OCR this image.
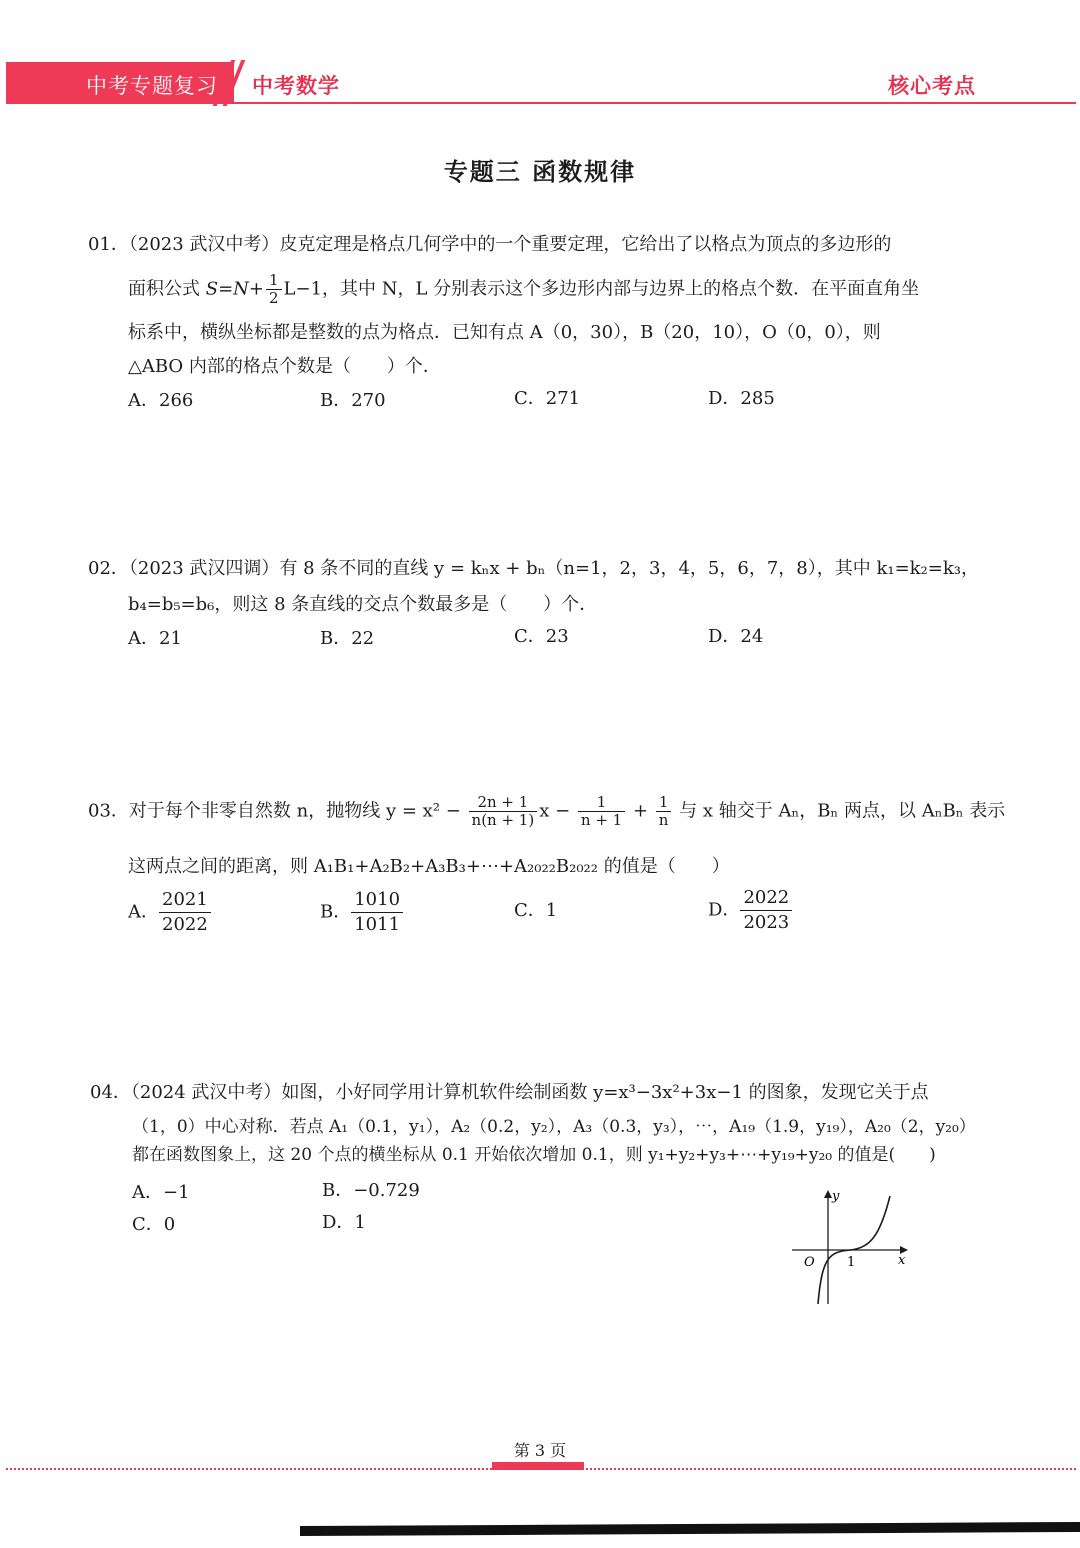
中考专题复习 中考数学	核心考点
专题三 函数规律
01．（2023 武汉中考）皮克定理是格点几何学中的一个重要定理，它给出了以格点为顶点的多边形的
面积公式 $S=N+ \frac{1}{2} L-1$，其中 N，L 分别表示这个多边形内部与边界上的格点个数．在平面直角坐
标系中，横纵坐标都是整数的点为格点．已知有点 A（0，30），B（20，10），O（0，0），则
△ABO 内部的格点个数是（　　）个．
A．266	B．270	C．271	D．285
02．（2023 武汉四调）有 8 条不同的直线 y = kₙx + bₙ（n=1，2，3，4，5，6，7，8），其中 k₁=k₂=k₃，
b₄=b₅=b₆，则这 8 条直线的交点个数最多是（　　）个．
A．21	B．22	C．23	D．24
03．对于每个非零自然数 n，抛物线 $y = x^2 - \frac{2n + 1}{n(n + 1)}$ $x - \frac{1}{n + 1} + \frac{1}{n}$ 与 x 轴交于 Aₙ，Bₙ 两点，以 AₙBₙ 表示
这两点之间的距离，则 A₁B₁+A₂B₂+A₃B₃+⋯+A₂₀₂₂B₂₀₂₂ 的值是（　　）
A． $\frac{2021}{2022}$	B． $\frac{1010}{1011}$	C．1	D． $\frac{2022}{2023}$
04．（2024 武汉中考）如图，小好同学用计算机软件绘制函数 y=x³−3x²+3x−1 的图象，发现它关于点
（1，0）中心对称．若点 A₁（0.1，y₁），A₂（0.2，y₂），A₃（0.3，y₃），⋯，A₁₉（1.9，y₁₉），A₂₀（2，y₂₀）
都在函数图象上，这 20 个点的横坐标从 0.1 开始依次增加 0.1，则 y₁+y₂+y₃+⋯+y₁₉+y₂₀ 的值是(　　)
A．−1	B．−0.729
C．0	D．1
y
x
O 1
第 3 页
